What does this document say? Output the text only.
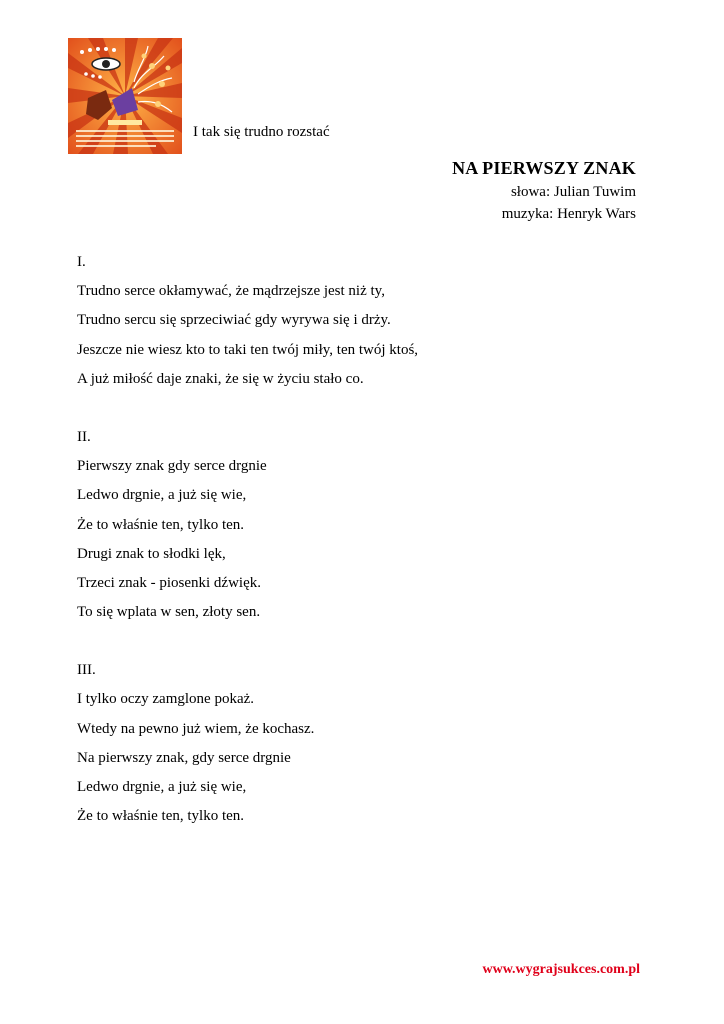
I tak się trudno rozstać
NA PIERWSZY ZNAK
słowa: Julian Tuwim
muzyka: Henryk Wars
I.
Trudno serce okłamywać, że mądrzejsze jest niż ty,
Trudno sercu się sprzeciwiać gdy wyrywa się i drży.
Jeszcze nie wiesz kto to taki ten twój miły, ten twój ktoś,
A już miłość daje znaki, że się w życiu stało co.
II.
Pierwszy znak gdy serce drgnie
Ledwo drgnie, a już się wie,
Że to właśnie ten, tylko ten.
Drugi znak to słodki lęk,
Trzeci znak - piosenki dźwięk.
To się wplata w sen, złoty sen.
III.
I tylko oczy zamglone pokaż.
Wtedy na pewno już wiem, że kochasz.
Na pierwszy znak, gdy serce drgnie
Ledwo drgnie, a już się wie,
Że to właśnie ten, tylko ten.
www.wygrajsukces.com.pl
